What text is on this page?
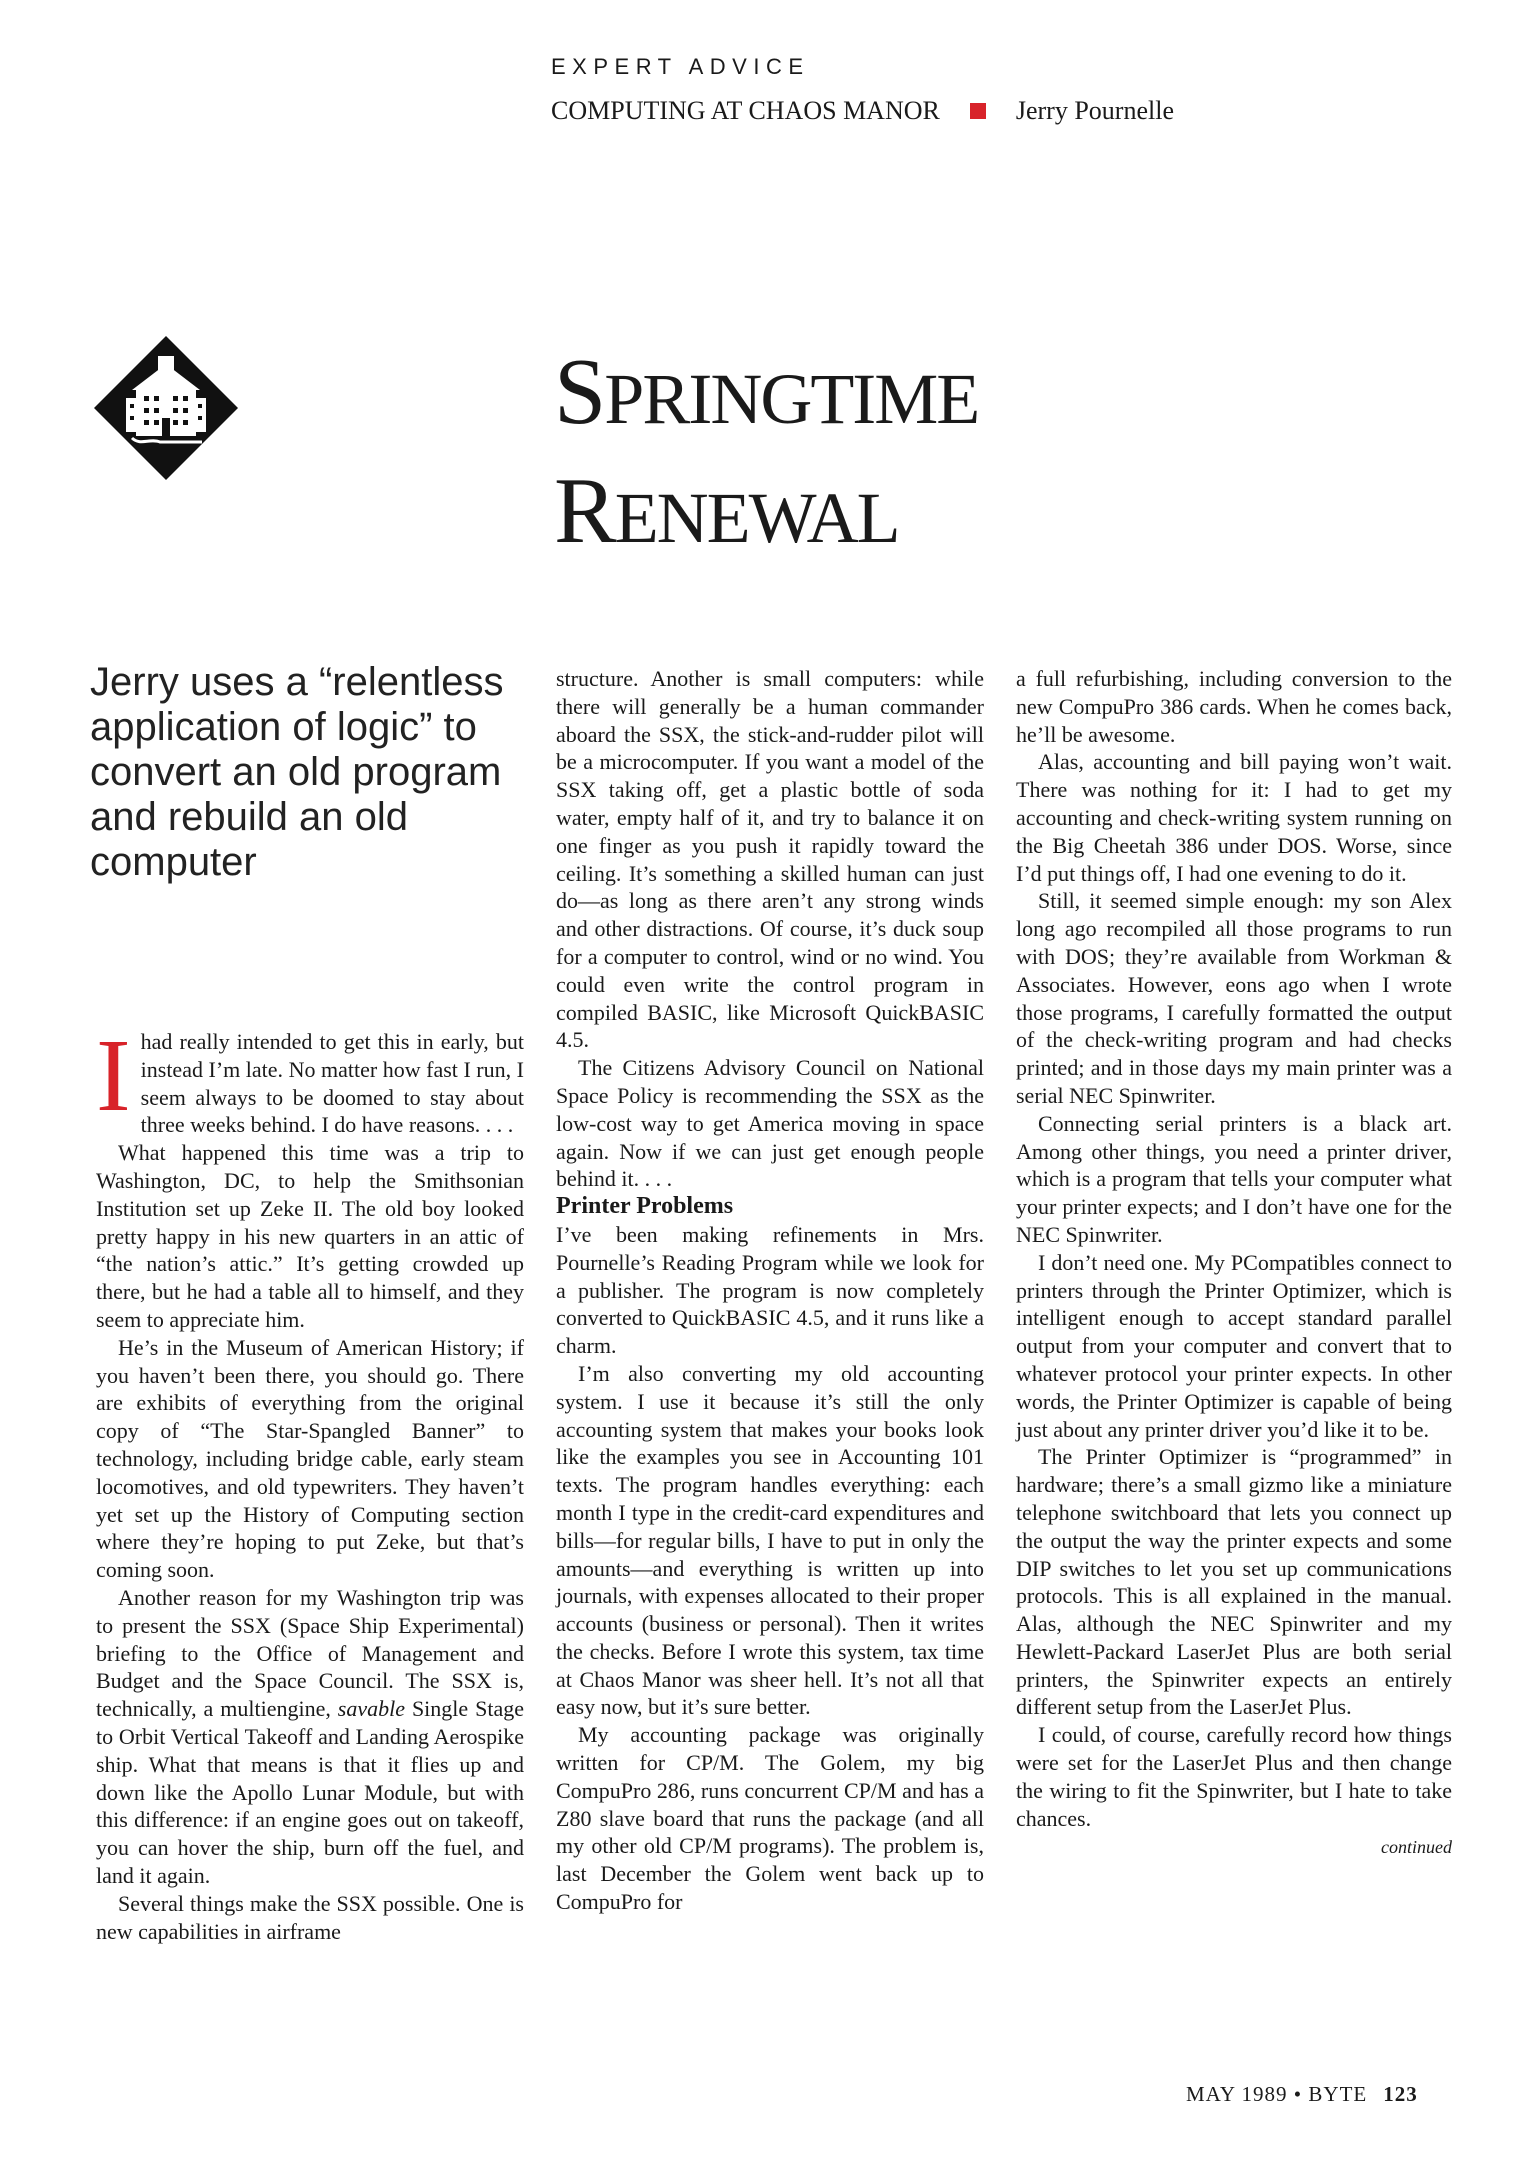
EXPERT ADVICE
COMPUTING AT CHAOS MANOR	Jerry Pournelle
SPRINGTIME
RENEWAL
Jerry uses a “relentless application of logic” to convert an old program and rebuild an old computer

Ihad really intended to get this in early, but instead I’m late. No matter how fast I run, I seem always to be doomed to stay about three weeks behind. I do have reasons. . . .

What happened this time was a trip to Washington, DC, to help the Smithsonian Institution set up Zeke II. The old boy looked pretty happy in his new quarters in an attic of “the nation’s attic.” It’s getting crowded up there, but he had a table all to himself, and they seem to appreciate him.

He’s in the Museum of American History; if you haven’t been there, you should go. There are exhibits of everything from the original copy of “The Star-Spangled Banner” to technology, including bridge cable, early steam locomotives, and old typewriters. They haven’t yet set up the History of Computing section where they’re hoping to put Zeke, but that’s coming soon.

Another reason for my Washington trip was to present the SSX (Space Ship Experimental) briefing to the Office of Management and Budget and the Space Council. The SSX is, technically, a multiengine, savable Single Stage to Orbit Vertical Takeoff and Landing Aerospike ship. What that means is that it flies up and down like the Apollo Lunar Module, but with this difference: if an engine goes out on takeoff, you can hover the ship, burn off the fuel, and land it again.

Several things make the SSX possible. One is new capabilities in airframe

structure. Another is small computers: while there will generally be a human commander aboard the SSX, the stick-and-rudder pilot will be a microcomputer. If you want a model of the SSX taking off, get a plastic bottle of soda water, empty half of it, and try to balance it on one finger as you push it rapidly toward the ceiling. It’s something a skilled human can just do—as long as there aren’t any strong winds and other distractions. Of course, it’s duck soup for a computer to control, wind or no wind. You could even write the control program in compiled BASIC, like Microsoft QuickBASIC 4.5.

The Citizens Advisory Council on National Space Policy is recommending the SSX as the low-cost way to get America moving in space again. Now if we can just get enough people behind it. . . .

Printer Problems

I’ve been making refinements in Mrs. Pournelle’s Reading Program while we look for a publisher. The program is now completely converted to QuickBASIC 4.5, and it runs like a charm.

I’m also converting my old accounting system. I use it because it’s still the only accounting system that makes your books look like the examples you see in Accounting 101 texts. The program handles everything: each month I type in the credit-card expenditures and bills—for regular bills, I have to put in only the amounts—and everything is written up into journals, with expenses allocated to their proper accounts (business or personal). Then it writes the checks. Before I wrote this system, tax time at Chaos Manor was sheer hell. It’s not all that easy now, but it’s sure better.

My accounting package was originally written for CP/M. The Golem, my big CompuPro 286, runs concurrent CP/M and has a Z80 slave board that runs the package (and all my other old CP/M programs). The problem is, last December the Golem went back up to CompuPro for

a full refurbishing, including conversion to the new CompuPro 386 cards. When he comes back, he’ll be awesome.

Alas, accounting and bill paying won’t wait. There was nothing for it: I had to get my accounting and check-writing system running on the Big Cheetah 386 under DOS. Worse, since I’d put things off, I had one evening to do it.

Still, it seemed simple enough: my son Alex long ago recompiled all those programs to run with DOS; they’re available from Workman & Associates. However, eons ago when I wrote those programs, I carefully formatted the output of the check-writing program and had checks printed; and in those days my main printer was a serial NEC Spinwriter.

Connecting serial printers is a black art. Among other things, you need a printer driver, which is a program that tells your computer what your printer expects; and I don’t have one for the NEC Spinwriter.

I don’t need one. My PCompatibles connect to printers through the Printer Optimizer, which is intelligent enough to accept standard parallel output from your computer and convert that to whatever protocol your printer expects. In other words, the Printer Optimizer is capable of being just about any printer driver you’d like it to be.

The Printer Optimizer is “programmed” in hardware; there’s a small gizmo like a miniature telephone switchboard that lets you connect up the output the way the printer expects and some DIP switches to let you set up communications protocols. This is all explained in the manual. Alas, although the NEC Spinwriter and my Hewlett-Packard LaserJet Plus are both serial printers, the Spinwriter expects an entirely different setup from the LaserJet Plus.

I could, of course, carefully record how things were set for the LaserJet Plus and then change the wiring to fit the Spinwriter, but I hate to take chances.

continued
MAY 1989 • BYTE 123
